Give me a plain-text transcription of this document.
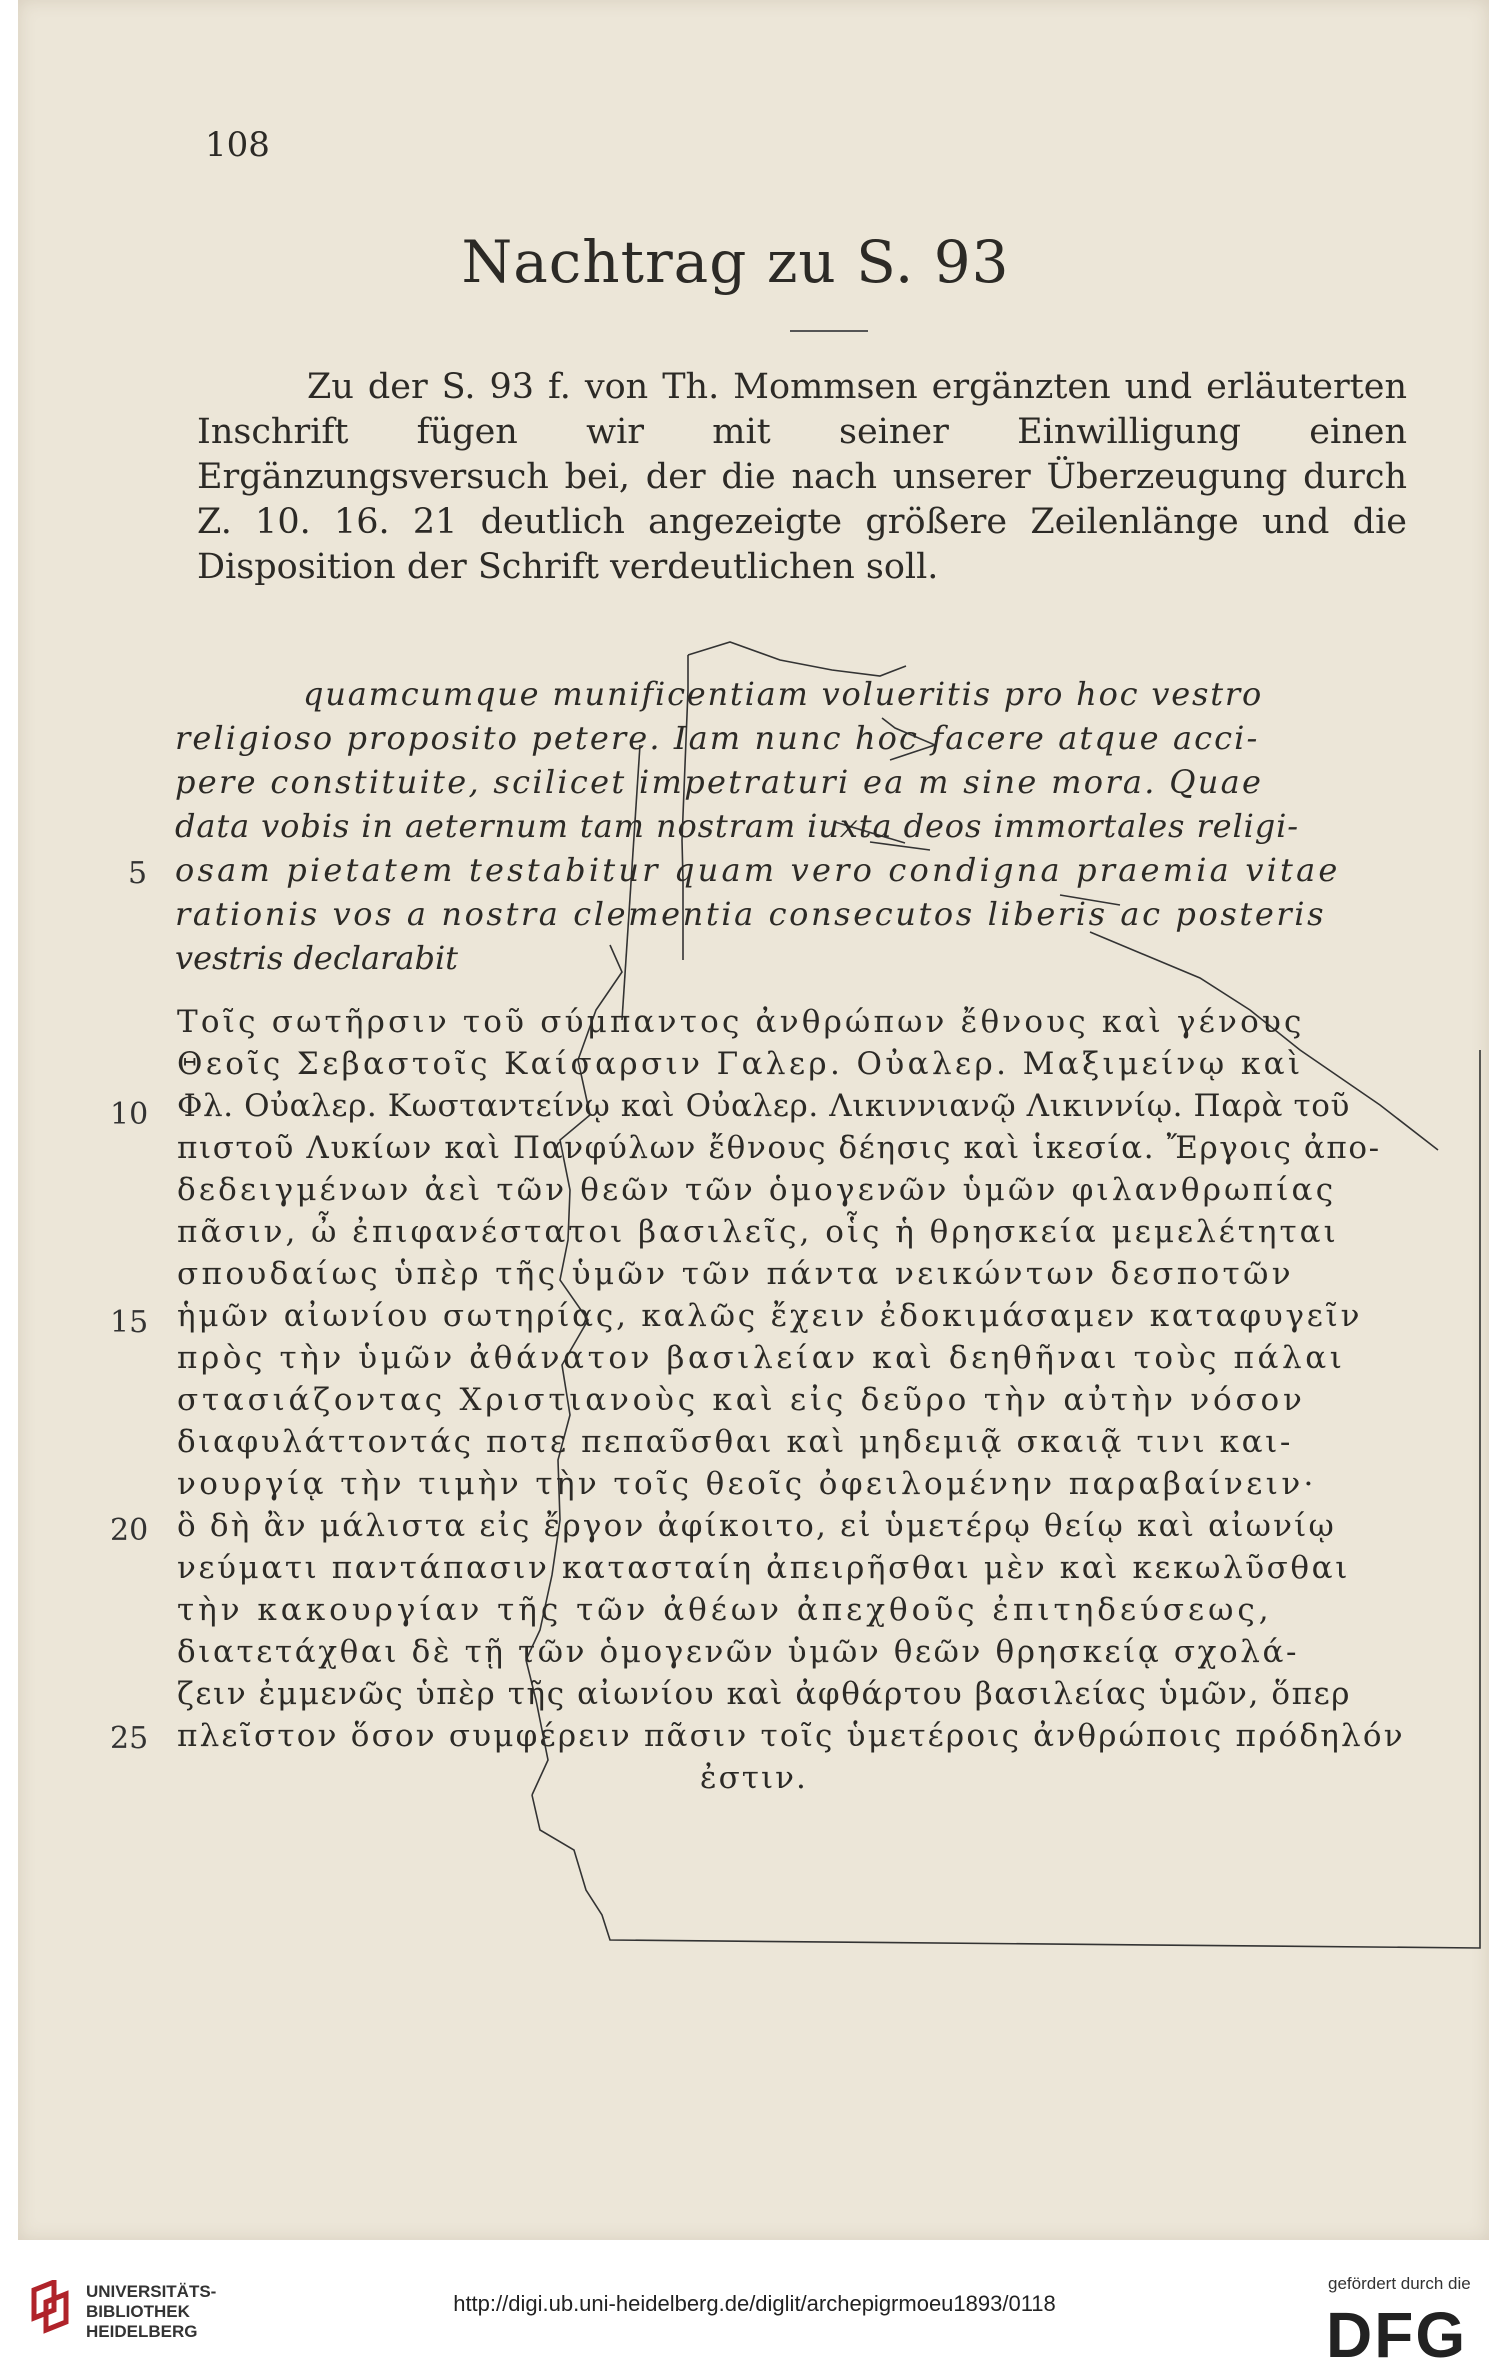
108
Nachtrag zu S. 93

Zu der S. 93 f. von Th. Mommsen ergänzten und erläuterten Inschrift fügen wir mit seiner Einwilligung einen Ergänzungsversuch bei, der die nach unserer Überzeugung durch Z. 10. 16. 21 deutlich angezeigte größere Zeilenlänge und die Disposition der Schrift verdeutlichen soll.

5
quamcumque munificentiam volueritis pro hoc vestro
religioso proposito petere. Iam nunc hoc facere atque acci-
pere constituite, scilicet impetraturi ea m sine mora. Quae
data vobis in aeternum tam nostram iuxta deos immortales religi-
osam pietatem testabitur quam vero condigna praemia vitae
rationis vos a nostra clementia consecutos liberis ac posteris
vestris declarabit
10
15
20
25
Τοῖς σωτῆρσιν τοῦ σύμπαντος ἀνθρώπων ἔθνους καὶ γένους
Θεοῖς Σεβαστοῖς Καίσαρσιν Γαλερ. Οὐαλερ. Μαξιμείνῳ καὶ
Φλ. Οὐαλερ. Κωσταντείνῳ καὶ Οὐαλερ. Λικιννιανῷ Λικιννίῳ. Παρὰ τοῦ
πιστοῦ Λυκίων καὶ Πανφύλων ἔθνους δέησις καὶ ἱκεσία. Ἔργοις ἀπο-
δεδειγμένων ἀεὶ τῶν θεῶν τῶν ὁμογενῶν ὑμῶν φιλανθρωπίας
πᾶσιν, ὦ ἐπιφανέστατοι βασιλεῖς, οἷς ἡ θρησκεία μεμελέτηται
σπουδαίως ὑπὲρ τῆς ὑμῶν τῶν πάντα νεικώντων δεσποτῶν
ἡμῶν αἰωνίου σωτηρίας, καλῶς ἔχειν ἐδοκιμάσαμεν καταφυγεῖν
πρὸς τὴν ὑμῶν ἀθάνατον βασιλείαν καὶ δεηθῆναι τοὺς πάλαι
στασιάζοντας Χριστιανοὺς καὶ εἰς δεῦρο τὴν αὐτὴν νόσον
διαφυλάττοντάς ποτε πεπαῦσθαι καὶ μηδεμιᾷ σκαιᾷ τινι και-
νουργίᾳ τὴν τιμὴν τὴν τοῖς θεοῖς ὀφειλομένην παραβαίνειν·
ὃ δὴ ἂν μάλιστα εἰς ἔργον ἀφίκοιτο, εἰ ὑμετέρῳ θείῳ καὶ αἰωνίῳ
νεύματι παντάπασιν κατασταίη ἀπειρῆσθαι μὲν καὶ κεκωλῦσθαι
τὴν κακουργίαν τῆς τῶν ἀθέων ἀπεχθοῦς ἐπιτηδεύσεως,
διατετάχθαι δὲ τῇ τῶν ὁμογενῶν ὑμῶν θεῶν θρησκείᾳ σχολά-
ζειν ἐμμενῶς ὑπὲρ τῆς αἰωνίου καὶ ἀφθάρτου βασιλείας ὑμῶν, ὅπερ
πλεῖστον ὅσον συμφέρειν πᾶσιν τοῖς ὑμετέροις ἀνθρώποις πρόδηλόν
ἐστιν.
UNIVERSITÄTS-
BIBLIOTHEK
HEIDELBERG
http://digi.ub.uni-heidelberg.de/diglit/archepigrmoeu1893/0118
gefördert durch die
DFG
